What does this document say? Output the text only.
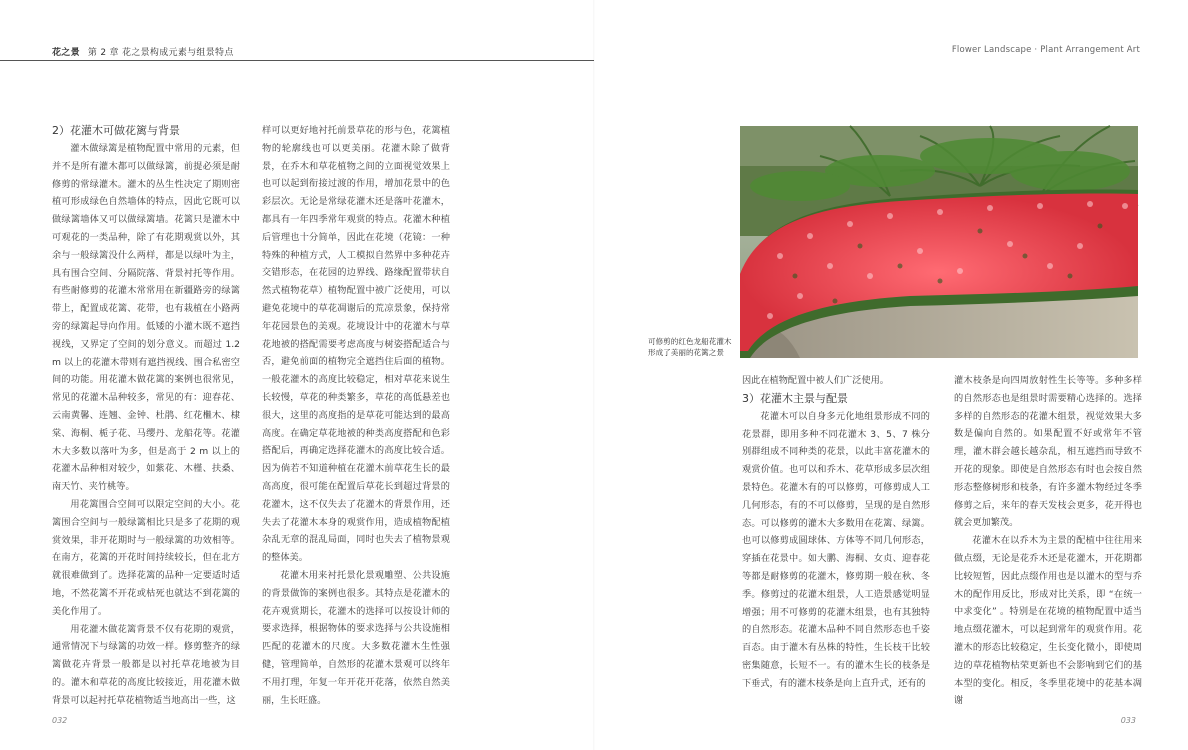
花之景 第 2 章 花之景构成元素与组景特点
2）花灌木可做花篱与背景

灌木做绿篱是植物配置中常用的元素，但并不是所有灌木都可以做绿篱，前提必须是耐修剪的常绿灌木。灌木的丛生性决定了期则密植可形成绿色自然墙体的特点，因此它既可以做绿篱墙体又可以做绿篱墙。花篱只是灌木中可观花的一类品种，除了有花期观赏以外，其余与一般绿篱没什么两样，都是以绿叶为主，具有围合空间、分隔院落、背景衬托等作用。有些耐修剪的花灌木常常用在新疆路旁的绿篱带上，配置成花篱、花带，也有栽植在小路两旁的绿篱起导向作用。低矮的小灌木既不遮挡视线，又界定了空间的划分意义。而超过 1.2 m 以上的花灌木带则有遮挡视线、围合私密空间的功能。用花灌木做花篱的案例也很常见，常见的花灌木品种较多，常见的有：迎春花、云南黄馨、连翘、金钟、杜鹃、红花檵木、棣棠、海桐、栀子花、马缨丹、龙船花等。花灌木大多数以落叶为多，但是高于 2 m 以上的花灌木品种相对较少，如紫花、木槿、扶桑、南天竹、夹竹桃等。

用花篱围合空间可以限定空间的大小。花篱围合空间与一般绿篱相比只是多了花期的观赏效果，非开花期时与一般绿篱的功效相等。在南方，花篱的开花时间持续较长，但在北方就很难做到了。选择花篱的品种一定要适时适地，不然花篱不开花或枯死也就达不到花篱的美化作用了。

用花灌木做花篱背景不仅有花期的观赏，通常情况下与绿篱的功效一样。修剪整齐的绿篱做花卉背景一般都是以衬托草花地被为目的。灌木和草花的高度比较接近，用花灌木做背景可以起衬托草花植物适当地高出一些，这

样可以更好地衬托前景草花的形与色，花篱植物的轮廓线也可以更美丽。花灌木除了做背景，在乔木和草花植物之间的立面视觉效果上也可以起到衔接过渡的作用，增加花景中的色彩层次。无论是常绿花灌木还是落叶花灌木，都具有一年四季常年观赏的特点。花灌木种植后管理也十分简单，因此在花境（花镜：一种特殊的种植方式，人工模拟自然界中多种花卉交错形态，在花园的边界线、路缘配置带状自然式植物花草）植物配置中被广泛使用，可以避免花境中的草花凋谢后的荒凉景象，保持常年花园景色的美观。花境设计中的花灌木与草花地被的搭配需要考虑高度与树姿搭配适合与否，避免前面的植物完全遮挡住后面的植物。一般花灌木的高度比较稳定，相对草花来说生长较慢，草花的种类繁多，草花的高低悬差也很大，这里的高度指的是草花可能达到的最高高度。在确定草花地被的种类高度搭配和色彩搭配后，再确定选择花灌木的高度比较合适。因为倘若不知道种植在花灌木前草花生长的最高高度，很可能在配置后草花长到超过背景的花灌木，这不仅失去了花灌木的背景作用，还失去了花灌木本身的观赏作用，造成植物配植杂乱无章的混乱局面，同时也失去了植物景观的整体美。

花灌木用来衬托景化景观雕塑、公共设施的背景做饰的案例也很多。其特点是花灌木的花卉观赏期长，花灌木的选择可以按设计师的要求选择，根据物体的要求选择与公共设施相匹配的花灌木的尺度。大多数花灌木生性强健，管理简单，自然形的花灌木景观可以终年不用打理，年复一年开花开花落，依然自然美丽，生长旺盛。

032
Flower Landscape · Plant Arrangement Art
可修剪的红色龙船花灌木形成了美丽的花篱之景

因此在植物配置中被人们广泛使用。

3）花灌木主景与配景

花灌木可以自身多元化地组景形成不同的花景群，即用多种不同花灌木 3、5、7 株分别群组成不同种类的花景，以此丰富花灌木的观赏价值。也可以和乔木、花草形成多层次组景特色。花灌木有的可以修剪，可修剪成人工几何形态，有的不可以修剪，呈现的是自然形态。可以修剪的灌木大多数用在花篱、绿篱。也可以修剪成圆球体、方体等不同几何形态，穿插在花景中。如大鹏、海桐、女贞、迎春花等都是耐修剪的花灌木，修剪期一般在秋、冬季。修剪过的花灌木组景，人工造景感觉明显增强；用不可修剪的花灌木组景，也有其独特的自然形态。花灌木品种不同自然形态也千姿百态。由于灌木有丛株的特性，生长枝干比较密集随意，长短不一。有的灌木生长的枝条是下垂式，有的灌木枝条是向上直升式，还有的

灌木枝条是向四周放射性生长等等。多种多样的自然形态也是组景时需要精心选择的。选择多样的自然形态的花灌木组景，视觉效果大多数是偏向自然的。如果配置不好或常年不管理，灌木群会越长越杂乱，相互遮挡而导致不开花的现象。即使是自然形态有时也会按自然形态整修树形和枝条，有许多灌木物经过冬季修剪之后，来年的春天发枝会更多，花开得也就会更加繁茂。

花灌木在以乔木为主景的配植中往往用来做点缀，无论是花乔木还是花灌木，开花期都比较短暂，因此点缀作用也是以灌木的型与乔木的配作用反比，形成对比关系，即 “在统一中求变化” 。特别是在花境的植物配置中适当地点缀花灌木，可以起到常年的观赏作用。花灌木的形态比较稳定，生长变化微小，即使周边的草花植物枯荣更新也不会影响到它们的基本型的变化。相反，冬季里花境中的花基本凋谢

033
